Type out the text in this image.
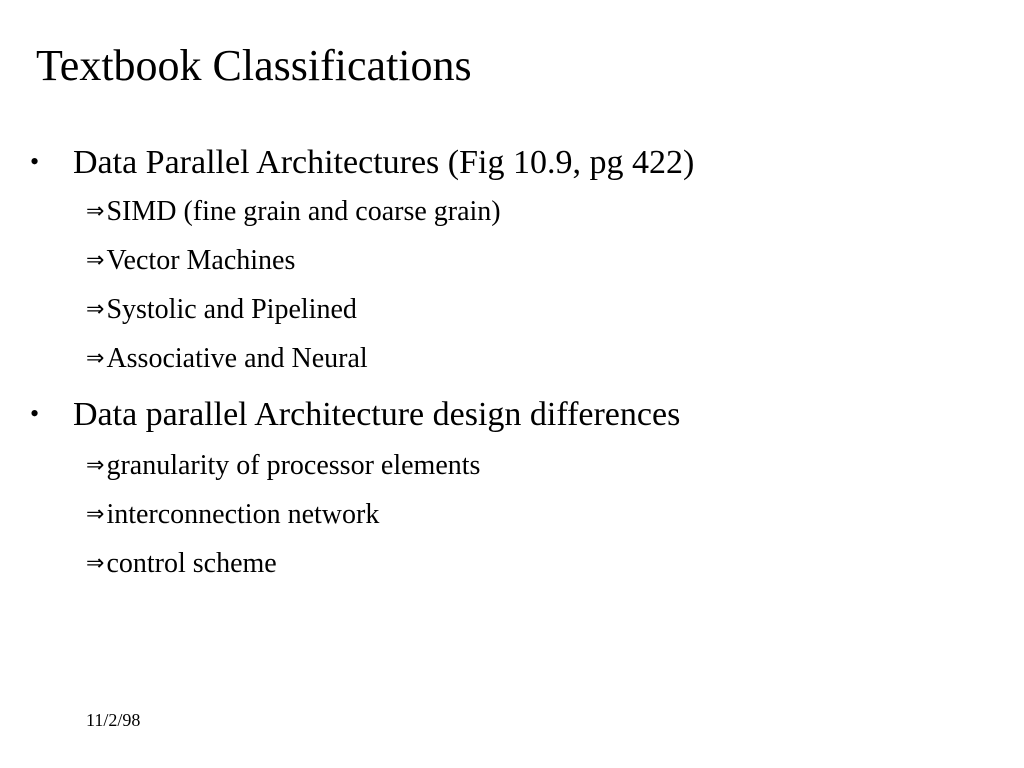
Textbook Classifications
• Data Parallel Architectures (Fig 10.9, pg 422)
⇒SIMD (fine grain and coarse grain)
⇒Vector Machines
⇒Systolic and Pipelined
⇒Associative and Neural
• Data parallel Architecture design differences
⇒granularity of processor elements
⇒interconnection network
⇒control scheme
11/2/98
